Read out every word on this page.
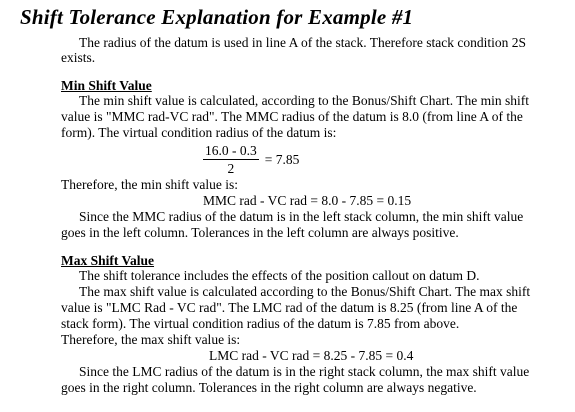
Shift Tolerance Explanation for Example #1
The radius of the datum is used in line A of the stack. Therefore stack condition 2S
exists.
Min Shift Value
The min shift value is calculated, according to the Bonus/Shift Chart. The min shift
value is "MMC rad-VC rad". The MMC radius of the datum is 8.0 (from line A of the
form). The virtual condition radius of the datum is:
$\frac{16.0 - 0.3}{2} = 7.85$
Therefore, the min shift value is:
MMC rad - VC rad = 8.0 - 7.85 = 0.15
Since the MMC radius of the datum is in the left stack column, the min shift value
goes in the left column. Tolerances in the left column are always positive.
Max Shift Value
The shift tolerance includes the effects of the position callout on datum D.
The max shift value is calculated according to the Bonus/Shift Chart. The max shift
value is "LMC Rad - VC rad". The LMC rad of the datum is 8.25 (from line A of the
stack form). The virtual condition radius of the datum is 7.85 from above.
Therefore, the max shift value is:
LMC rad - VC rad = 8.25 - 7.85 = 0.4
Since the LMC radius of the datum is in the right stack column, the max shift value
goes in the right column. Tolerances in the right column are always negative.
